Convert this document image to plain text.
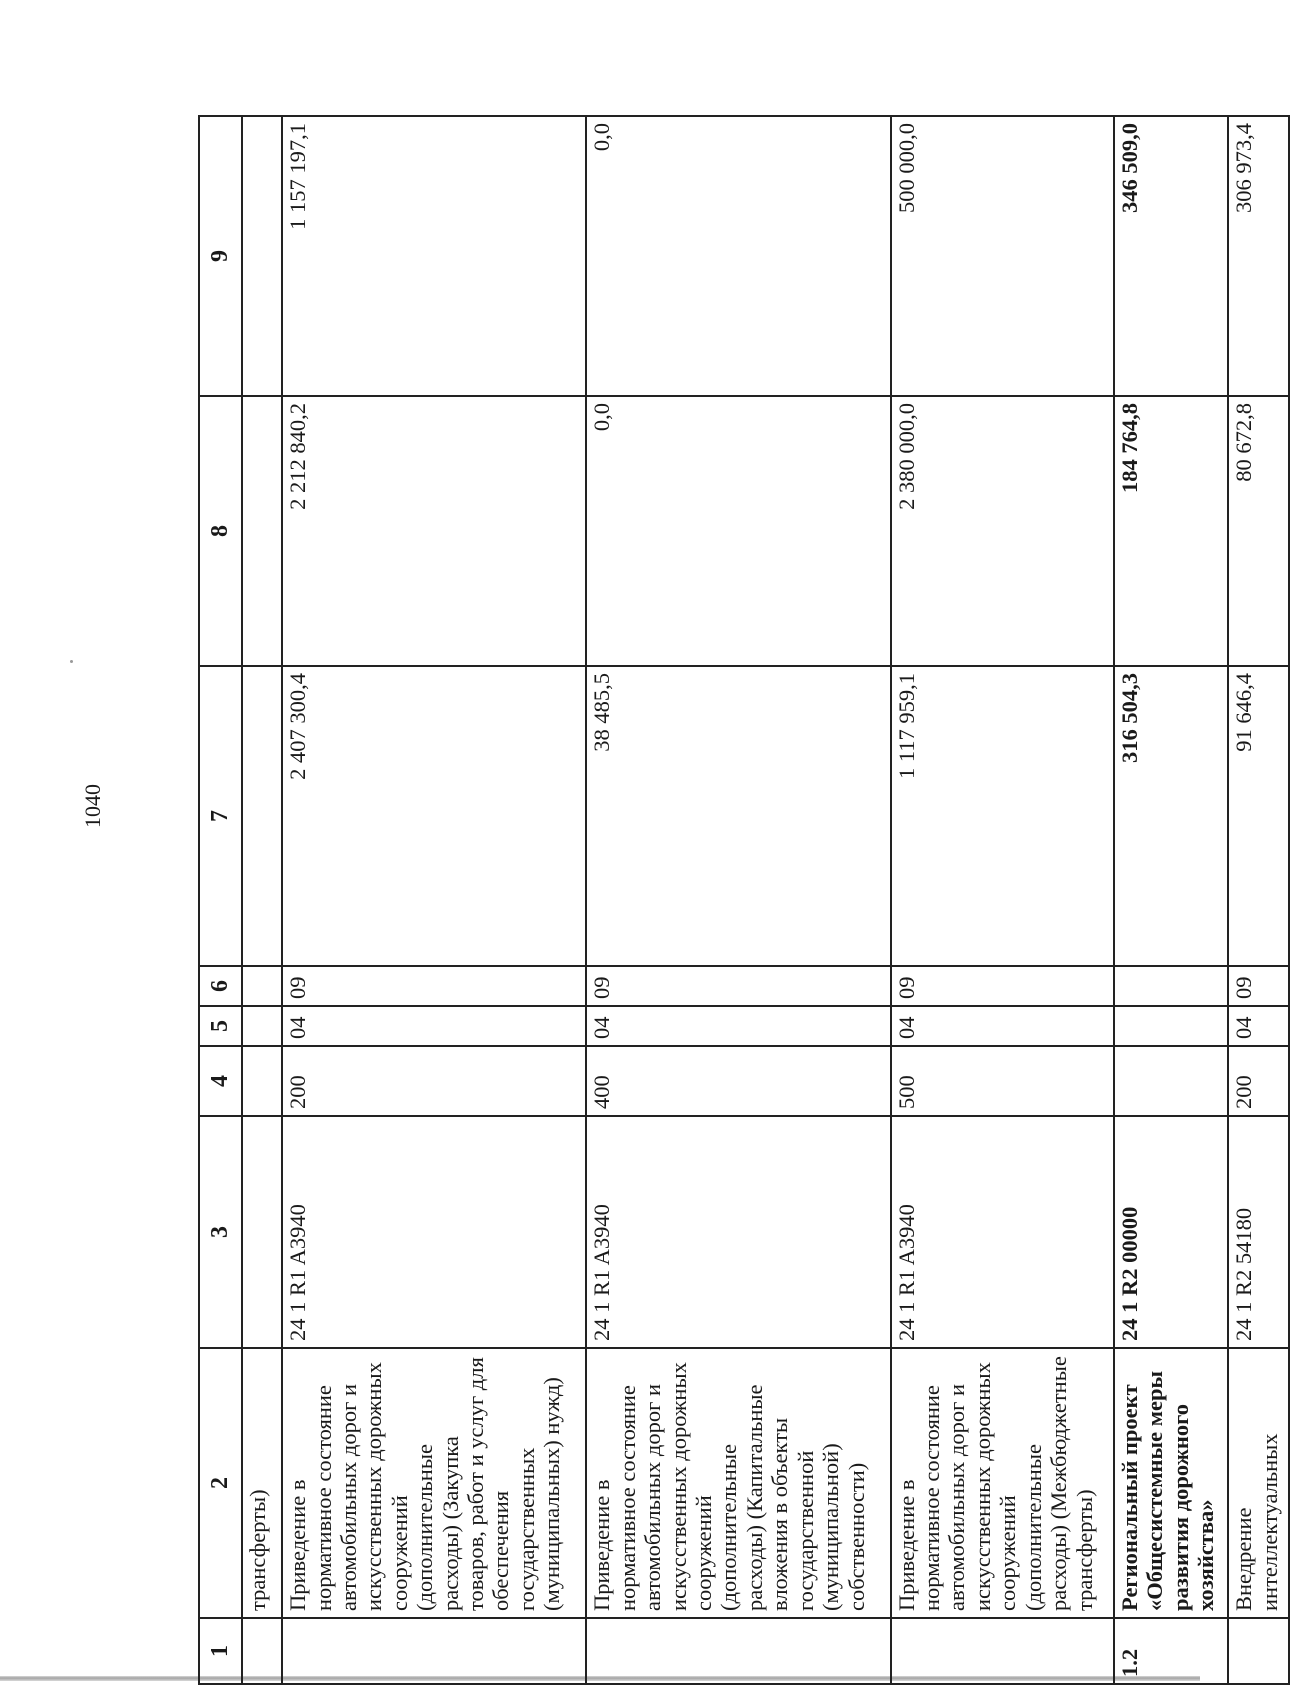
1040
1	2	3	4	5	6	7	8	9
	трансферты)							
	Приведение в нормативное состояние автомобильных дорог и искусственных дорожных сооружений (дополнительные расходы) (Закупка товаров, работ и услуг для обеспечения государственных (муниципальных) нужд)	24 1 R1 A3940	200	04	09	2 407 300,4	2 212 840,2	1 157 197,1
	Приведение в нормативное состояние автомобильных дорог и искусственных дорожных сооружений (дополнительные расходы) (Капитальные вложения в объекты государственной (муниципальной) собственности)	24 1 R1 A3940	400	04	09	38 485,5	0,0	0,0
	Приведение в нормативное состояние автомобильных дорог и искусственных дорожных сооружений (дополнительные расходы) (Межбюджетные трансферты)	24 1 R1 A3940	500	04	09	1 117 959,1	2 380 000,0	500 000,0
1.2	Региональный проект «Общесистемные меры развития дорожного хозяйства»	24 1 R2 00000				316 504,3	184 764,8	346 509,0
	Внедрение интеллектуальных	24 1 R2 54180	200	04	09	91 646,4	80 672,8	306 973,4
